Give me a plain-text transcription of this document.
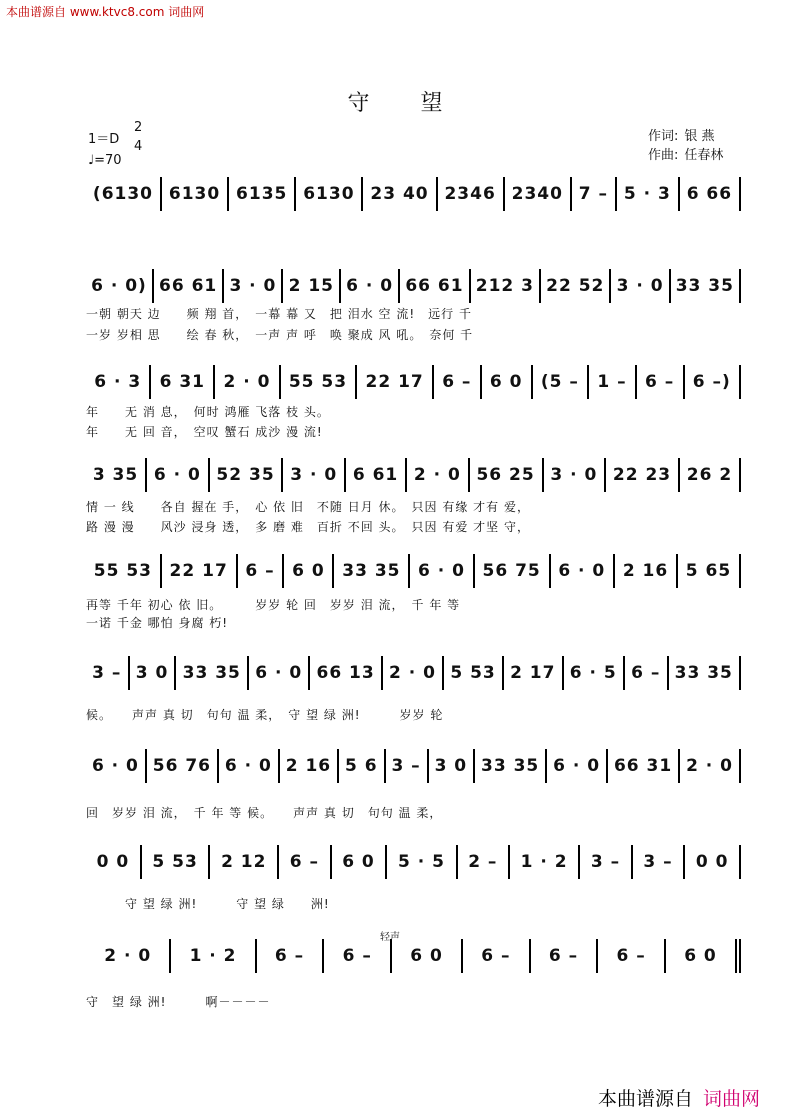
本曲谱源自 www.ktvc8.com 词曲网
守 望
1＝D
2
4
♩=70
作词: 银 燕
作曲: 任春林
(6130 6130 6135 6130 23 40 2346 2340 7 – 5 · 3 6 66
6 · 0) 66 61 3 · 0 2 15 6 · 0 66 61 212 3 22 52 3 · 0 33 35
一朝 朝天 边　　频 翔 首，　一幕 幕 又　把 泪水 空 流!　远行 千
一岁 岁相 思　　绘 春 秋，　一声 声 呼　唤 聚成 风 吼。　奈何 千
6 · 3	6 31	2 · 0	55 53	22 17	6 –	6 0	(5 –	1 –	6 –	6 –)
年　　无 消 息，　何时 鸿雁 飞落 枝 头。
年　　无 回 音，　空叹 蟹石 成沙 漫 流!
3 35 6 · 0 52 35 3 · 0 6 61 2 · 0 56 25 3 · 0 22 23 26 2
情 一 线　　各自 握在 手，　心 依 旧　不随 日月 休。　只因 有缘 才有 爱，
路 漫 漫　　风沙 浸身 透，　多 磨 难　百折 不回 头。　只因 有爱 才坚 守，
55 53	22 17	6 –	6 0	33 35	6 · 0	56 75	6 · 0	2 16	5 65
再等 千年 初心 依 旧。　　　岁岁 轮 回　岁岁 泪 流，　千 年 等
一诺 千金 哪怕 身腐 朽!
3 – 3 0 33 35 6 · 0 66 13 2 · 0 5 53 2 17 6 · 5 6 – 33 35
候。　　声声 真 切　句句 温 柔，　守 望 绿 洲!　　　岁岁 轮
6 · 0 56 76 6 · 0 2 16 5 6 3 – 3 0 33 35 6 · 0 66 31 2 · 0
回　岁岁 泪 流，　千 年 等 候。　　声声 真 切　句句 温 柔，
0 0	5 53	2 12	6 –	6 0	5 · 5	2 –	1 · 2	3 –	3 –	0 0
　　　守 望 绿 洲!　　　守 望 绿　　洲!
2 · 0	1 · 2	6 –	6 –	6 0	6 –	6 –	6 –	6 0
轻声
守　望 绿 洲!　　　啊－－－－
本曲谱源自 词曲网
